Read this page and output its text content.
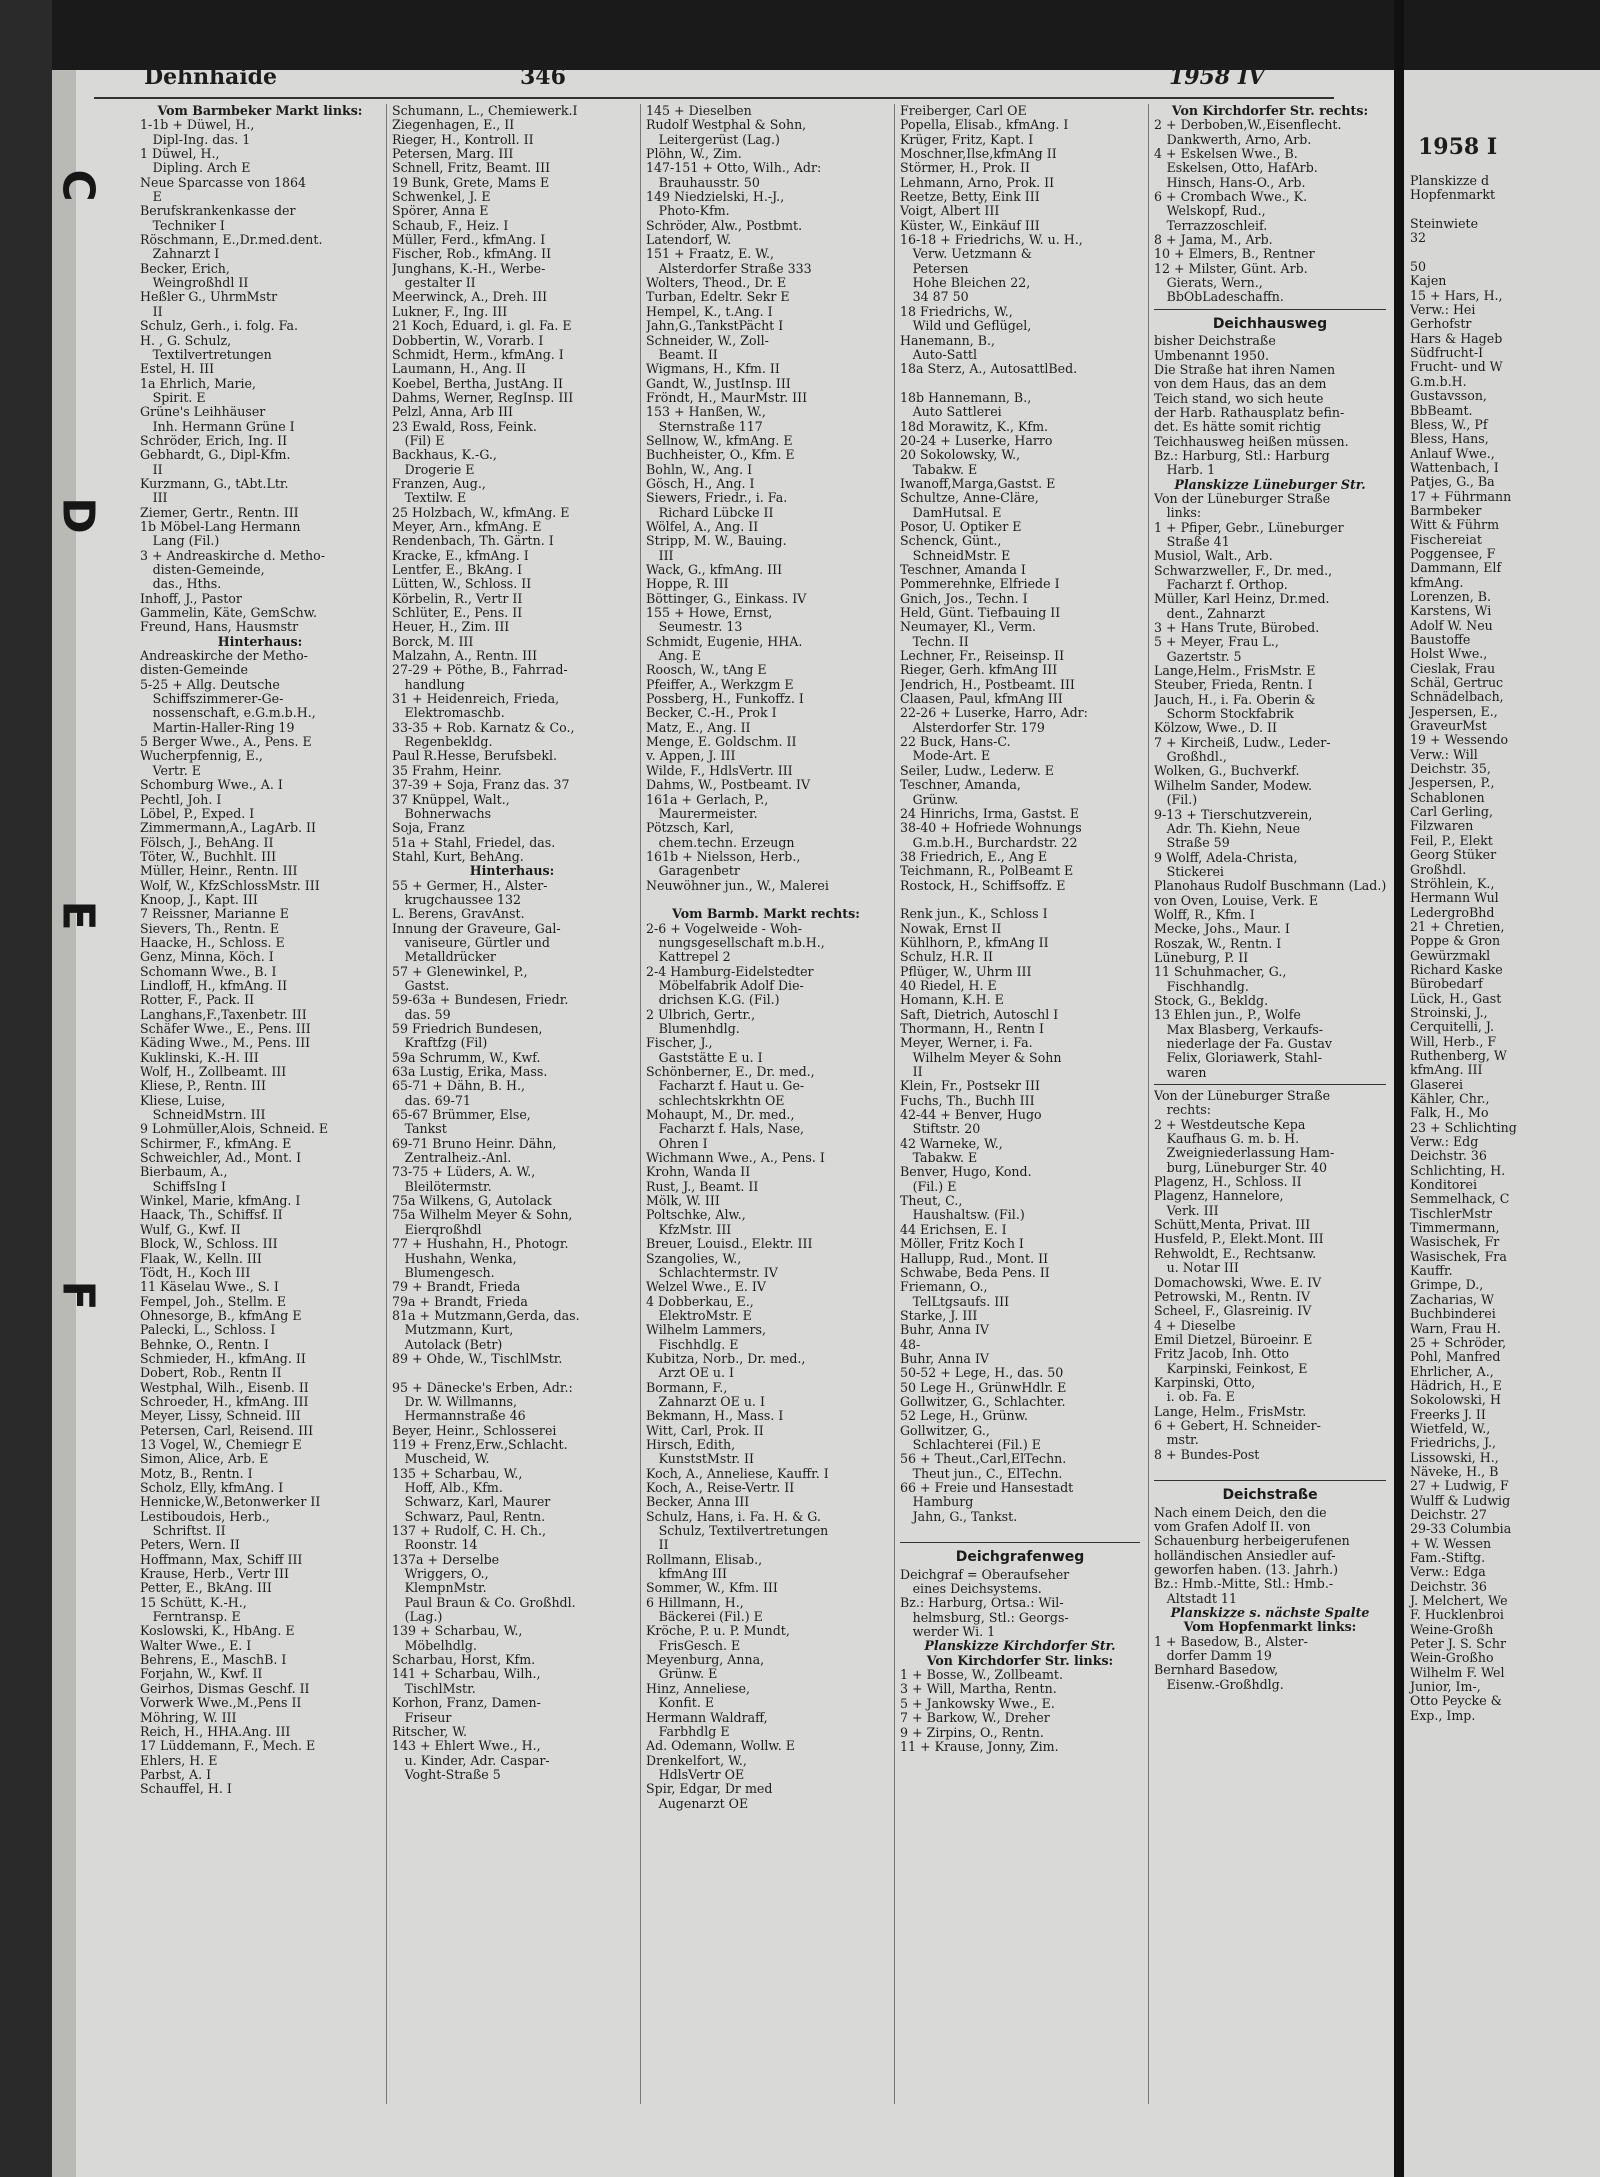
C
D
E
F
1958 I
Planskizze d
Hopfenmarkt

Steinwiete
32

50
Kajen
15 + Hars, H.,
Verw.: Hei
Gerhofstr
Hars & Hageb
Südfrucht-I
Frucht- und W
G.m.b.H.
Gustavsson,
BbBeamt.
Bless, W., Pf
Bless, Hans,
Anlauf Wwe.,
Wattenbach, I
Patjes, G., Ba
17 + Führmann
Barmbeker
Witt & Führm
Fischereiat
Poggensee, F
Dammann, Elf
kfmAng.
Lorenzen, B.
Karstens, Wi
Adolf W. Neu
Baustoffe
Holst Wwe.,
Cieslak, Frau
Schäl, Gertruc
Schnädelbach,
Jespersen, E.,
GraveurMst
19 + Wessendo
Verw.: Will
Deichstr. 35,
Jespersen, P.,
Schablonen
Carl Gerling,
Filzwaren
Feil, P., Elekt
Georg Stüker
Großhdl.
Ströhlein, K.,
Hermann Wul
LedergroBhd
21 + Chretien,
Poppe & Gron
Gewürzmakl
Richard Kaske
Bürobedarf
Lück, H., Gast
Stroinski, J.,
Cerquitelli, J.
Will, Herb., F
Ruthenberg, W
kfmAng. III
Glaserei
Kähler, Chr.,
Falk, H., Mo
23 + Schlichting
Verw.: Edg
Deichstr. 36
Schlichting, H.
Konditorei
Semmelhack, C
TischlerMstr
Timmermann,
Wasischek, Fr
Wasischek, Fra
Kauffr.
Grimpe, D.,
Zacharias, W
Buchbinderei
Warn, Frau H.
25 + Schröder,
Pohl, Manfred
Ehrlicher, A.,
Hädrich, H., E
Sokolowski, H
Freerks J. II
Wietfeld, W.,
Friedrichs, J.,
Lissowski, H.,
Näveke, H., B
27 + Ludwig, F
Wulff & Ludwig
Deichstr. 27
29-33 Columbia
+ W. Wessen
Fam.-Stiftg.
Verw.: Edga
Deichstr. 36
J. Melchert, We
F. Hucklenbroi
Weine-Großh
Peter J. S. Schr
Wein-Großho
Wilhelm F. Wel
Junior, Im-,
Otto Peycke &
Exp., Imp.
Dehnhaide	346	1958 IV
Vom Barmbeker Markt links:
1-1b + Düwel, H.,
 Dipl-Ing. das. 1
1 Düwel, H.,
 Dipling. Arch E
Neue Sparcasse von 1864
 E
Berufskrankenkasse der
 Techniker I
Röschmann, E.,Dr.med.dent.
 Zahnarzt I
Becker, Erich,
 Weingroßhdl II
Heßler G., UhrmMstr
 II
Schulz, Gerh., i. folg. Fa.
H. , G. Schulz,
 Textilvertretungen
Estel, H. III
1a Ehrlich, Marie,
 Spirit. E
Grüne's Leihhäuser
 Inh. Hermann Grüne I
Schröder, Erich, Ing. II
Gebhardt, G., Dipl-Kfm.
 II
Kurzmann, G., tAbt.Ltr.
 III
Ziemer, Gertr., Rentn. III
1b Möbel-Lang Hermann
 Lang (Fil.)
3 + Andreaskirche d. Metho-
 disten-Gemeinde,
 das., Hths.
Inhoff, J., Pastor
Gammelin, Käte, GemSchw.
Freund, Hans, Hausmstr
Hinterhaus:
Andreaskirche der Metho-
disten-Gemeinde
5-25 + Allg. Deutsche
 Schiffszimmerer-Ge-
 nossenschaft, e.G.m.b.H.,
 Martin-Haller-Ring 19
5 Berger Wwe., A., Pens. E
Wucherpfennig, E.,
 Vertr. E
Schomburg Wwe., A. I
Pechtl, Joh. I
Löbel, P., Exped. I
Zimmermann,A., LagArb. II
Fölsch, J., BehAng. II
Töter, W., Buchhlt. III
Müller, Heinr., Rentn. III
Wolf, W., KfzSchlossMstr. III
Knoop, J., Kapt. III
7 Reissner, Marianne E
Sievers, Th., Rentn. E
Haacke, H., Schloss. E
Genz, Minna, Köch. I
Schomann Wwe., B. I
Lindloff, H., kfmAng. II
Rotter, F., Pack. II
Langhans,F.,Taxenbetr. III
Schäfer Wwe., E., Pens. III
Käding Wwe., M., Pens. III
Kuklinski, K.-H. III
Wolf, H., Zollbeamt. III
Kliese, P., Rentn. III
Kliese, Luise,
 SchneidMstrn. III
9 Lohmüller,Alois, Schneid. E
Schirmer, F., kfmAng. E
Schweichler, Ad., Mont. I
Bierbaum, A.,
 SchiffsIng I
Winkel, Marie, kfmAng. I
Haack, Th., Schiffsf. II
Wulf, G., Kwf. II
Block, W., Schloss. III
Flaak, W., Kelln. III
Tödt, H., Koch III
11 Käselau Wwe., S. I
Fempel, Joh., Stellm. E
Ohnesorge, B., kfmAng E
Palecki, L., Schloss. I
Behnke, O., Rentn. I
Schmieder, H., kfmAng. II
Dobert, Rob., Rentn II
Westphal, Wilh., Eisenb. II
Schroeder, H., kfmAng. III
Meyer, Lissy, Schneid. III
Petersen, Carl, Reisend. III
13 Vogel, W., Chemiegr E
Simon, Alice, Arb. E
Motz, B., Rentn. I
Scholz, Elly, kfmAng. I
Hennicke,W.,Betonwerker II
Lestiboudois, Herb.,
 Schriftst. II
Peters, Wern. II
Hoffmann, Max, Schiff III
Krause, Herb., Vertr III
Petter, E., BkAng. III
15 Schütt, K.-H.,
 Ferntransp. E
Koslowski, K., HbAng. E
Walter Wwe., E. I
Behrens, E., MaschB. I
Forjahn, W., Kwf. II
Geirhos, Dismas Geschf. II
Vorwerk Wwe.,M.,Pens II
Möhring, W. III
Reich, H., HHA.Ang. III
17 Lüddemann, F., Mech. E
Ehlers, H. E
Parbst, A. I
Schauffel, H. I
Schumann, L., Chemiewerk.I
Ziegenhagen, E., II
Rieger, H., Kontroll. II
Petersen, Marg. III
Schnell, Fritz, Beamt. III
19 Bunk, Grete, Mams E
Schwenkel, J. E
Spörer, Anna E
Schaub, F., Heiz. I
Müller, Ferd., kfmAng. I
Fischer, Rob., kfmAng. II
Junghans, K.-H., Werbe-
 gestalter II
Meerwinck, A., Dreh. III
Lukner, F., Ing. III
21 Koch, Eduard, i. gl. Fa. E
Dobbertin, W., Vorarb. I
Schmidt, Herm., kfmAng. I
Laumann, H., Ang. II
Koebel, Bertha, JustAng. II
Dahms, Werner, RegInsp. III
Pelzl, Anna, Arb III
23 Ewald, Ross, Feink.
 (Fil) E
Backhaus, K.-G.,
 Drogerie E
Franzen, Aug.,
 Textilw. E
25 Holzbach, W., kfmAng. E
Meyer, Arn., kfmAng. E
Rendenbach, Th. Gärtn. I
Kracke, E., kfmAng. I
Lentfer, E., BkAng. I
Lütten, W., Schloss. II
Körbelin, R., Vertr II
Schlüter, E., Pens. II
Heuer, H., Zim. III
Borck, M. III
Malzahn, A., Rentn. III
27-29 + Pöthe, B., Fahrrad-
 handlung
31 + Heidenreich, Frieda,
 Elektromaschb.
33-35 + Rob. Karnatz & Co.,
 Regenbekldg.
Paul R.Hesse, Berufsbekl.
35 Frahm, Heinr.
37-39 + Soja, Franz das. 37
37 Knüppel, Walt.,
 Bohnerwachs
Soja, Franz
51a + Stahl, Friedel, das.
Stahl, Kurt, BehAng.
Hinterhaus:
55 + Germer, H., Alster-
 krugchaussee 132
L. Berens, GravAnst.
Innung der Graveure, Gal-
 vaniseure, Gürtler und
 Metalldrücker
57 + Glenewinkel, P.,
 Gastst.
59-63a + Bundesen, Friedr.
 das. 59
59 Friedrich Bundesen,
 Kraftfzg (Fil)
59a Schrumm, W., Kwf.
63a Lustig, Erika, Mass.
65-71 + Dähn, B. H.,
 das. 69-71
65-67 Brümmer, Else,
 Tankst
69-71 Bruno Heinr. Dähn,
 Zentralheiz.-Anl.
73-75 + Lüders, A. W.,
 Bleilötermstr.
75a Wilkens, G, Autolack
75a Wilhelm Meyer & Sohn,
 Eierqroßhdl
77 + Hushahn, H., Photogr.
 Hushahn, Wenka,
 Blumengesch.
79 + Brandt, Frieda
79a + Brandt, Frieda
81a + Mutzmann,Gerda, das.
 Mutzmann, Kurt,
 Autolack (Betr)
89 + Ohde, W., TischlMstr.

95 + Dänecke's Erben, Adr.:
 Dr. W. Willmanns,
 Hermannstraße 46
Beyer, Heinr., Schlosserei
119 + Frenz,Erw.,Schlacht.
 Muscheid, W.
135 + Scharbau, W.,
 Hoff, Alb., Kfm.
 Schwarz, Karl, Maurer
 Schwarz, Paul, Rentn.
137 + Rudolf, C. H. Ch.,
 Roonstr. 14
137a + Derselbe
 Wriggers, O.,
 KlempnMstr.
 Paul Braun & Co. Großhdl.
 (Lag.)
139 + Scharbau, W.,
 Möbelhdlg.
Scharbau, Horst, Kfm.
141 + Scharbau, Wilh.,
 TischlMstr.
Korhon, Franz, Damen-
 Friseur
Ritscher, W.
143 + Ehlert Wwe., H.,
 u. Kinder, Adr. Caspar-
 Voght-Straße 5
145 + Dieselben
Rudolf Westphal & Sohn,
 Leitergerüst (Lag.)
Plöhn, W., Zim.
147-151 + Otto, Wilh., Adr:
 Brauhausstr. 50
149 Niedzielski, H.-J.,
 Photo-Kfm.
Schröder, Alw., Postbmt.
Latendorf, W.
151 + Fraatz, E. W.,
 Alsterdorfer Straße 333
Wolters, Theod., Dr. E
Turban, Edeltr. Sekr E
Hempel, K., t.Ang. I
Jahn,G.,TankstPächt I
Schneider, W., Zoll-
 Beamt. II
Wigmans, H., Kfm. II
Gandt, W., JustInsp. III
Fröndt, H., MaurMstr. III
153 + Hanßen, W.,
 Sternstraße 117
Sellnow, W., kfmAng. E
Buchheister, O., Kfm. E
Bohln, W., Ang. I
Gösch, H., Ang. I
Siewers, Friedr., i. Fa.
 Richard Lübcke II
Wölfel, A., Ang. II
Stripp, M. W., Bauing.
 III
Wack, G., kfmAng. III
Hoppe, R. III
Böttinger, G., Einkass. IV
155 + Howe, Ernst,
 Seumestr. 13
Schmidt, Eugenie, HHA.
 Ang. E
Roosch, W., tAng E
Pfeiffer, A., Werkzgm E
Possberg, H., Funkoffz. I
Becker, C.-H., Prok I
Matz, E., Ang. II
Menge, E. Goldschm. II
v. Appen, J. III
Wilde, F., HdlsVertr. III
Dahms, W., Postbeamt. IV
161a + Gerlach, P.,
 Maurermeister.
Pötzsch, Karl,
 chem.techn. Erzeugn
161b + Nielsson, Herb.,
 Garagenbetr
Neuwöhner jun., W., Malerei

Vom Barmb. Markt rechts:
2-6 + Vogelweide - Woh-
 nungsgesellschaft m.b.H.,
 Kattrepel 2
2-4 Hamburg-Eidelstedter
 Möbelfabrik Adolf Die-
 drichsen K.G. (Fil.)
2 Ulbrich, Gertr.,
 Blumenhdlg.
Fischer, J.,
 Gaststätte E u. I
Schönberner, E., Dr. med.,
 Facharzt f. Haut u. Ge-
 schlechtskrkhtn OE
Mohaupt, M., Dr. med.,
 Facharzt f. Hals, Nase,
 Ohren I
Wichmann Wwe., A., Pens. I
Krohn, Wanda II
Rust, J., Beamt. II
Mölk, W. III
Poltschke, Alw.,
 KfzMstr. III
Breuer, Louisd., Elektr. III
Szangolies, W.,
 Schlachtermstr. IV
Welzel Wwe., E. IV
4 Dobberkau, E.,
 ElektroMstr. E
Wilhelm Lammers,
 Fischhdlg. E
Kubitza, Norb., Dr. med.,
 Arzt OE u. I
Bormann, F.,
 Zahnarzt OE u. I
Bekmann, H., Mass. I
Witt, Carl, Prok. II
Hirsch, Edith,
 KunststMstr. II
Koch, A., Anneliese, Kauffr. I
Koch, A., Reise-Vertr. II
Becker, Anna III
Schulz, Hans, i. Fa. H. & G.
 Schulz, Textilvertretungen
 II
Rollmann, Elisab.,
 kfmAng III
Sommer, W., Kfm. III
6 Hillmann, H.,
 Bäckerei (Fil.) E
Kröche, P. u. P. Mundt,
 FrisGesch. E
Meyenburg, Anna,
 Grünw. E
Hinz, Anneliese,
 Konfit. E
Hermann Waldraff,
 Farbhdlg E
Ad. Odemann, Wollw. E
Drenkelfort, W.,
 HdlsVertr OE
Spir, Edgar, Dr med
 Augenarzt OE
Freiberger, Carl OE
Popella, Elisab., kfmAng. I
Krüger, Fritz, Kapt. I
Moschner,Ilse,kfmAng II
Störmer, H., Prok. II
Lehmann, Arno, Prok. II
Reetze, Betty, Eink III
Voigt, Albert III
Küster, W., Einkäuf III
16-18 + Friedrichs, W. u. H.,
 Verw. Uetzmann &
 Petersen
 Hohe Bleichen 22,
 34 87 50
18 Friedrichs, W.,
 Wild und Geflügel,
Hanemann, B.,
 Auto-Sattl
18a Sterz, A., AutosattlBed.

18b Hannemann, B.,
 Auto Sattlerei
18d Morawitz, K., Kfm.
20-24 + Luserke, Harro
20 Sokolowsky, W.,
 Tabakw. E
Iwanoff,Marga,Gastst. E
Schultze, Anne-Cläre,
 DamHutsal. E
Posor, U. Optiker E
Schenck, Günt.,
 SchneidMstr. E
Teschner, Amanda I
Pommerehnke, Elfriede I
Gnich, Jos., Techn. I
Held, Günt. Tiefbauing II
Neumayer, Kl., Verm.
 Techn. II
Lechner, Fr., Reiseinsp. II
Rieger, Gerh. kfmAng III
Jendrich, H., Postbeamt. III
Claasen, Paul, kfmAng III
22-26 + Luserke, Harro, Adr:
 Alsterdorfer Str. 179
22 Buck, Hans-C.
 Mode-Art. E
Seiler, Ludw., Lederw. E
Teschner, Amanda,
 Grünw.
24 Hinrichs, Irma, Gastst. E
38-40 + Hofriede Wohnungs
 G.m.b.H., Burchardstr. 22
38 Friedrich, E., Ang E
Teichmann, R., PolBeamt E
Rostock, H., Schiffsoffz. E

Renk jun., K., Schloss I
Nowak, Ernst II
Kühlhorn, P., kfmAng II
Schulz, H.R. II
Pflüger, W., Uhrm III
40 Riedel, H. E
Homann, K.H. E
Saft, Dietrich, Autoschl I
Thormann, H., Rentn I
Meyer, Werner, i. Fa.
 Wilhelm Meyer & Sohn
 II
Klein, Fr., Postsekr III
Fuchs, Th., Buchh III
42-44 + Benver, Hugo
 Stiftstr. 20
42 Warneke, W.,
 Tabakw. E
Benver, Hugo, Kond.
 (Fil.) E
Theut, C.,
 Haushaltsw. (Fil.)
44 Erichsen, E. I
Möller, Fritz Koch I
Hallupp, Rud., Mont. II
Schwabe, Beda Pens. II
Friemann, O.,
 TelLtgsaufs. III
Starke, J. III
Buhr, Anna IV
48-
Buhr, Anna IV
50-52 + Lege, H., das. 50
50 Lege H., GrünwHdlr. E
Gollwitzer, G., Schlachter.
52 Lege, H., Grünw.
Gollwitzer, G.,
 Schlachterei (Fil.) E
56 + Theut.,Carl,ElTechn.
 Theut jun., C., ElTechn.
66 + Freie und Hansestadt
 Hamburg
 Jahn, G., Tankst.

Deichgrafenweg
Deichgraf = Oberaufseher
 eines Deichsystems.
Bz.: Harburg, Ortsa.: Wil-
 helmsburg, Stl.: Georgs-
 werder Wi. 1
Planskizze Kirchdorfer Str.
Von Kirchdorfer Str. links:
1 + Bosse, W., Zollbeamt.
3 + Will, Martha, Rentn.
5 + Jankowsky Wwe., E.
7 + Barkow, W., Dreher
9 + Zirpins, O., Rentn.
11 + Krause, Jonny, Zim.
Von Kirchdorfer Str. rechts:
2 + Derboben,W.,Eisenflecht.
 Dankwerth, Arno, Arb.
4 + Eskelsen Wwe., B.
 Eskelsen, Otto, HafArb.
 Hinsch, Hans-O., Arb.
6 + Crombach Wwe., K.
 Welskopf, Rud.,
 Terrazzoschleif.
8 + Jama, M., Arb.
10 + Elmers, B., Rentner
12 + Milster, Günt. Arb.
 Gierats, Wern.,
 BbObLadeschaffn.
Deichhausweg
bisher Deichstraße
Umbenannt 1950.
Die Straße hat ihren Namen
von dem Haus, das an dem
Teich stand, wo sich heute
der Harb. Rathausplatz befin-
det. Es hätte somit richtig
Teichhausweg heißen müssen.
Bz.: Harburg, Stl.: Harburg
 Harb. 1
Planskizze Lüneburger Str.
Von der Lüneburger Straße
 links:
1 + Pfiper, Gebr., Lüneburger
 Straße 41
Musiol, Walt., Arb.
Schwarzweller, F., Dr. med.,
 Facharzt f. Orthop.
Müller, Karl Heinz, Dr.med.
 dent., Zahnarzt
3 + Hans Trute, Bürobed.
5 + Meyer, Frau L.,
 Gazertstr. 5
Lange,Helm., FrisMstr. E
Steuber, Frieda, Rentn. I
Jauch, H., i. Fa. Oberin &
 Schorm Stockfabrik
Kölzow, Wwe., D. II
7 + Kircheiß, Ludw., Leder-
 Großhdl.,
Wolken, G., Buchverkf.
Wilhelm Sander, Modew.
 (Fil.)
9-13 + Tierschutzverein,
 Adr. Th. Kiehn, Neue
 Straße 59
9 Wolff, Adela-Christa,
 Stickerei
Planohaus Rudolf Buschmann (Lad.)
von Oven, Louise, Verk. E
Wolff, R., Kfm. I
Mecke, Johs., Maur. I
Roszak, W., Rentn. I
Lüneburg, P. II
11 Schuhmacher, G.,
 Fischhandlg.
Stock, G., Bekldg.
13 Ehlen jun., P., Wolfe
 Max Blasberg, Verkaufs-
 niederlage der Fa. Gustav
 Felix, Gloriawerk, Stahl-
 waren
Von der Lüneburger Straße
 rechts:
2 + Westdeutsche Kepa
 Kaufhaus G. m. b. H.
 Zweigniederlassung Ham-
 burg, Lüneburger Str. 40
Plagenz, H., Schloss. II
Plagenz, Hannelore,
 Verk. III
Schütt,Menta, Privat. III
Husfeld, P., Elekt.Mont. III
Rehwoldt, E., Rechtsanw.
 u. Notar III
Domachowski, Wwe. E. IV
Petrowski, M., Rentn. IV
Scheel, F., Glasreinig. IV
4 + Dieselbe
Emil Dietzel, Büroeinr. E
Fritz Jacob, Inh. Otto
 Karpinski, Feinkost, E
Karpinski, Otto,
 i. ob. Fa. E
Lange, Helm., FrisMstr.
6 + Gebert, H. Schneider-
 mstr.
8 + Bundes-Post

Deichstraße
Nach einem Deich, den die
vom Grafen Adolf II. von
Schauenburg herbeigerufenen
holländischen Ansiedler auf-
geworfen haben. (13. Jahrh.)
Bz.: Hmb.-Mitte, Stl.: Hmb.-
 Altstadt 11
Planskizze s. nächste Spalte
Vom Hopfenmarkt links:
1 + Basedow, B., Alster-
 dorfer Damm 19
Bernhard Basedow,
 Eisenw.-Großhdlg.
